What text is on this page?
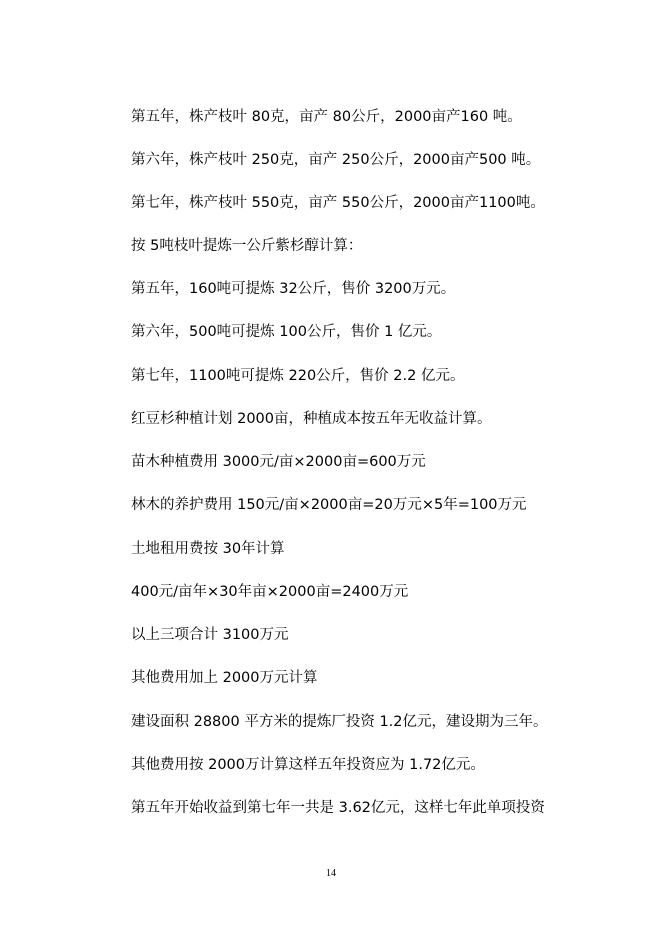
第五年，株产枝叶 80克，亩产 80公斤，2000亩产160 吨。
第六年，株产枝叶 250克，亩产 250公斤，2000亩产500 吨。
第七年，株产枝叶 550克，亩产 550公斤，2000亩产1100吨。
按 5吨枝叶提炼一公斤紫杉醇计算：
第五年，160吨可提炼 32公斤，售价 3200万元。
第六年，500吨可提炼 100公斤，售价 1 亿元。
第七年，1100吨可提炼 220公斤，售价 2.2 亿元。
红豆杉种植计划 2000亩，种植成本按五年无收益计算。
苗木种植费用 3000元/亩×2000亩=600万元
林木的养护费用 150元/亩×2000亩=20万元×5年=100万元
土地租用费按 30年计算
400元/亩年×30年亩×2000亩=2400万元
以上三项合计 3100万元
其他费用加上 2000万元计算
建设面积 28800 平方米的提炼厂投资 1.2亿元，建设期为三年。
其他费用按 2000万计算这样五年投资应为 1.72亿元。
第五年开始收益到第七年一共是 3.62亿元，这样七年此单项投资
14
